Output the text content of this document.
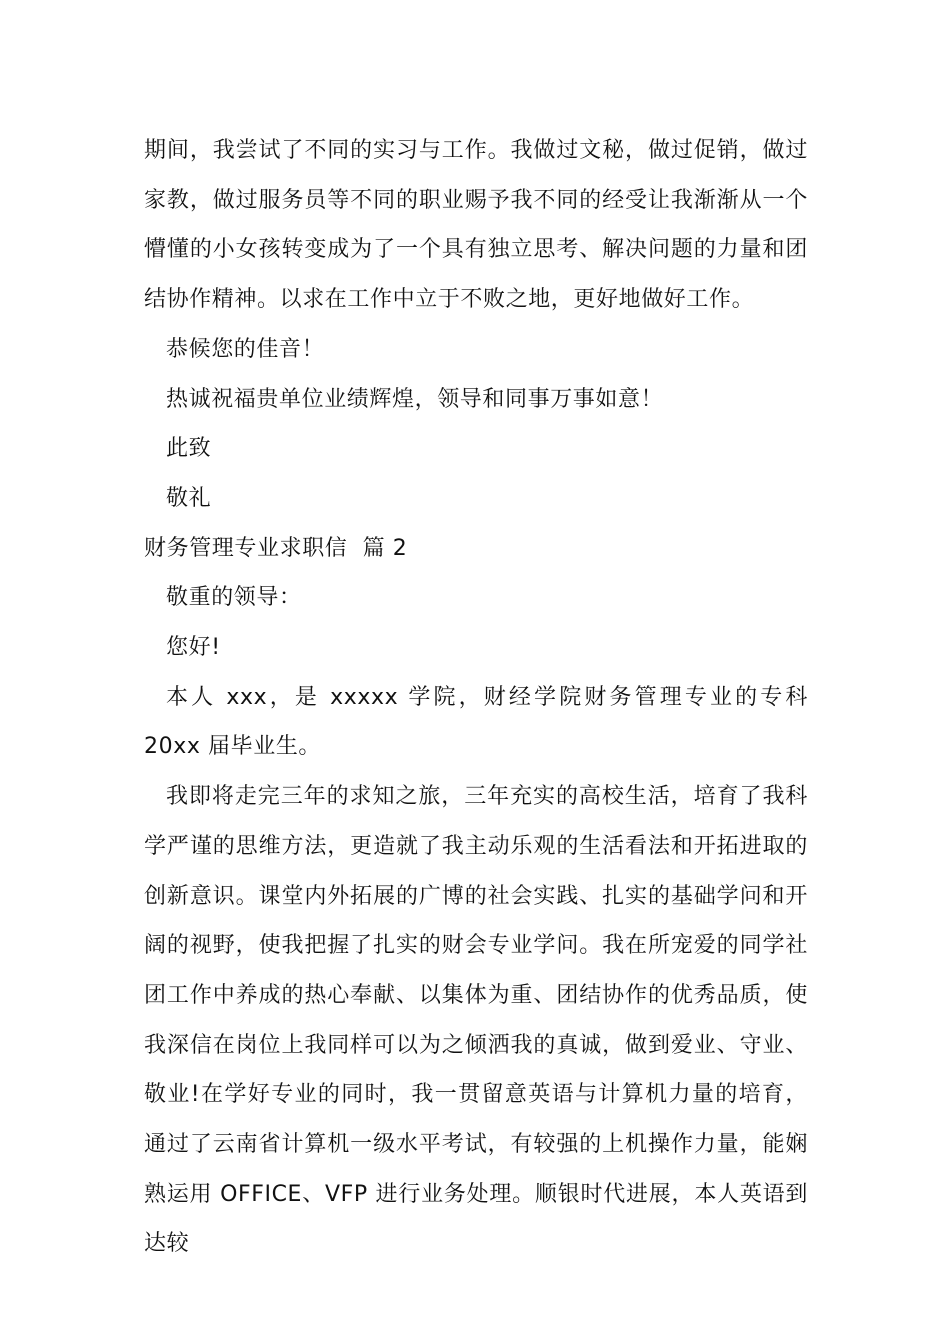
期间，我尝试了不同的实习与工作。我做过文秘，做过促销，做过家教，做过服务员等不同的职业赐予我不同的经受让我渐渐从一个懵懂的小女孩转变成为了一个具有独立思考、解决问题的力量和团结协作精神。以求在工作中立于不败之地，更好地做好工作。

恭候您的佳音！

热诚祝福贵单位业绩辉煌，领导和同事万事如意！

此致

敬礼

财务管理专业求职信  篇 2

敬重的领导：

您好!

本人 xxx，是 xxxxx 学院，财经学院财务管理专业的专科 20xx 届毕业生。

我即将走完三年的求知之旅，三年充实的高校生活，培育了我科学严谨的思维方法，更造就了我主动乐观的生活看法和开拓进取的创新意识。课堂内外拓展的广博的社会实践、扎实的基础学问和开阔的视野，使我把握了扎实的财会专业学问。我在所宠爱的同学社团工作中养成的热心奉献、以集体为重、团结协作的优秀品质，使我深信在岗位上我同样可以为之倾洒我的真诚，做到爱业、守业、敬业!在学好专业的同时，我一贯留意英语与计算机力量的培育，通过了云南省计算机一级水平考试，有较强的上机操作力量，能娴熟运用 OFFICE、VFP 进行业务处理。顺银时代进展，本人英语到达较
